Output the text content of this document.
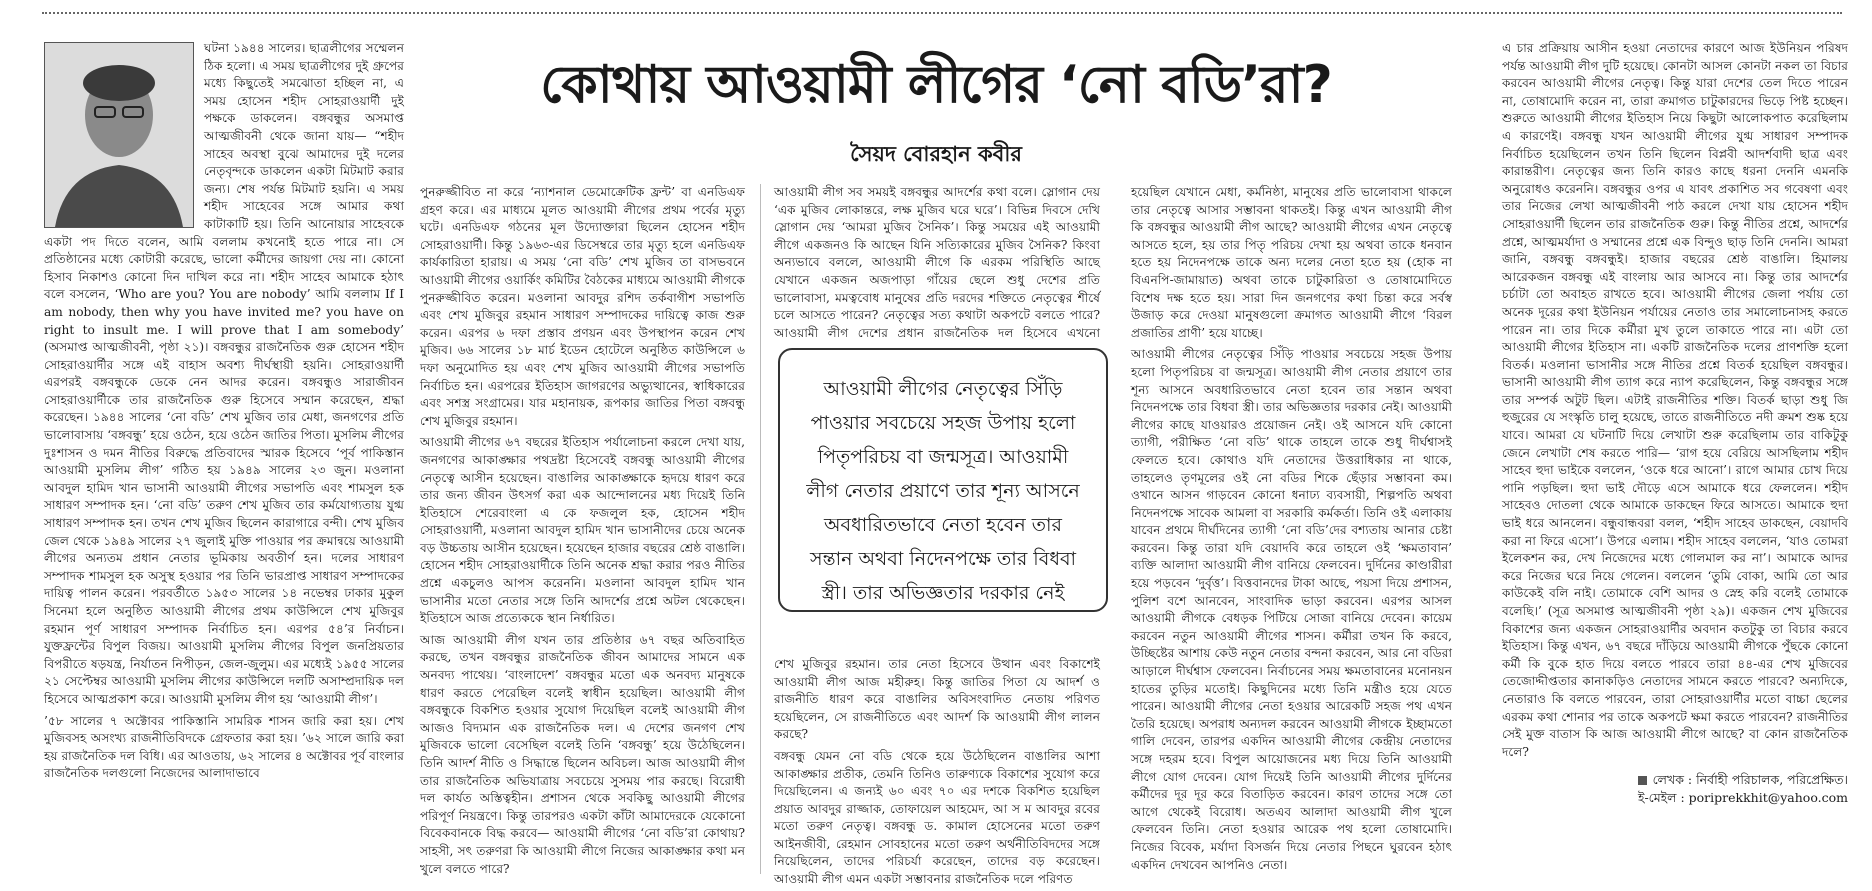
কোথায় আওয়ামী লীগের ‘নো বডি’রা?
সৈয়দ বোরহান কবীর

ঘটনা ১৯৪৪ সালের। ছাত্রলীগের সম্মেলন ঠিক হলো। এ সময় ছাত্রলীগের দুই গ্রুপের মধ্যে কিছুতেই সমঝোতা হচ্ছিল না, এ সময় হোসেন শহীদ সোহরাওয়ার্দী দুই পক্ষকে ডাকলেন। বঙ্গবন্ধুর অসমাপ্ত আত্মজীবনী থেকে জানা যায়— “শহীদ সাহেব অবস্থা বুঝে আমাদের দুই দলের নেতৃবৃন্দকে ডাকলেন একটা মিটমাট করার জন্য। শেষ পর্যন্ত মিটমাট হয়নি। এ সময় শহীদ সাহেবের সঙ্গে আমার কথা কাটাকাটি হয়। তিনি আনোয়ার সাহেবকে একটা পদ দিতে বলেন, আমি বললাম কখনোই হতে পারে না। সে প্রতিষ্ঠানের মধ্যে কোটারী করেছে, ভালো কর্মীদের জায়গা দেয় না। কোনো হিসাব নিকাশও কোনো দিন দাখিল করে না। শহীদ সাহেব আমাকে হঠাৎ বলে বসলেন, ‘Who are you? You are nobody’ আমি বললাম If I am nobody, then why you have invited me? you have on right to insult me. I will prove that I am somebody’ (অসমাপ্ত আত্মজীবনী, পৃষ্ঠা ২১)। বঙ্গবন্ধুর রাজনৈতিক গুরু হোসেন শহীদ সোহরাওয়ার্দীর সঙ্গে এই বাহাস অবশ্য দীর্ঘস্থায়ী হয়নি। সোহরাওয়ার্দী এরপরই বঙ্গবন্ধুকে ডেকে নেন আদর করেন। বঙ্গবন্ধুও সারাজীবন সোহরাওয়ার্দীকে তার রাজনৈতিক গুরু হিসেবে সম্মান করেছেন, শ্রদ্ধা করেছেন। ১৯৪৪ সালের ‘নো বডি’ শেখ মুজিব তার মেধা, জনগণের প্রতি ভালোবাসায় ‘বঙ্গবন্ধু’ হয়ে ওঠেন, হয়ে ওঠেন জাতির পিতা। মুসলিম লীগের দুঃশাসন ও দমন নীতির বিরুদ্ধে প্রতিবাদের স্মারক হিসেবে ‘পূর্ব পাকিস্তান আওয়ামী মুসলিম লীগ’ গঠিত হয় ১৯৪৯ সালের ২৩ জুন। মওলানা আবদুল হামিদ খান ভাসানী আওয়ামী লীগের সভাপতি এবং শামসুল হক সাধারণ সম্পাদক হন। ‘নো বডি’ তরুণ শেখ মুজিব তার কর্মযোগ্যতায় যুগ্ম সাধারণ সম্পাদক হন। তখন শেখ মুজিব ছিলেন কারাগারে বন্দী। শেখ মুজিব জেল থেকে ১৯৪৯ সালের ২৭ জুলাই মুক্তি পাওয়ার পর ক্রমান্বয়ে আওয়ামী লীগের অন্যতম প্রধান নেতার ভূমিকায় অবতীর্ণ হন। দলের সাধারণ সম্পাদক শামসুল হক অসুস্থ হওয়ার পর তিনি ভারপ্রাপ্ত সাধারণ সম্পাদকের দায়িত্ব পালন করেন। পরবর্তীতে ১৯৫৩ সালের ১৪ নভেম্বর ঢাকার মুকুল সিনেমা হলে অনুষ্ঠিত আওয়ামী লীগের প্রথম কাউন্সিলে শেখ মুজিবুর রহমান পূর্ণ সাধারণ সম্পাদক নির্বাচিত হন। এরপর ৫৪’র নির্বাচন। যুক্তফ্রন্টের বিপুল বিজয়। আওয়ামী মুসলিম লীগের বিপুল জনপ্রিয়তার বিপরীতে ষড়যন্ত্র, নির্যাতন নিপীড়ন, জেল-জুলুম। এর মধ্যেই ১৯৫৫ সালের ২১ সেপ্টেম্বর আওয়ামী মুসলিম লীগের কাউন্সিলে দলটি অসাম্প্রদায়িক দল হিসেবে আত্মপ্রকাশ করে। আওয়ামী মুসলিম লীগ হয় ‘আওয়ামী লীগ’।

’৫৮ সালের ৭ অক্টোবর পাকিস্তানি সামরিক শাসন জারি করা হয়। শেখ মুজিবসহ অসংখ্য রাজনীতিবিদকে গ্রেফতার করা হয়। ’৬২ সালে জারি করা হয় রাজনৈতিক দল বিধি। এর আওতায়, ৬২ সালের ৪ অক্টোবর পূর্ব বাংলার রাজনৈতিক দলগুলো নিজেদের আলাদাভাবে

পুনরুজ্জীবিত না করে ‘ন্যাশনাল ডেমোক্রেটিক ফ্রন্ট’ বা এনডিএফ গ্রহণ করে। এর মাধ্যমে মূলত আওয়ামী লীগের প্রথম পর্বের মৃত্যু ঘটে। এনডিএফ গঠনের মূল উদ্যোক্তারা ছিলেন হোসেন শহীদ সোহরাওয়ার্দী। কিন্তু ১৯৬৩-এর ডিসেম্বরে তার মৃত্যু হলে এনডিএফ কার্যকারিতা হারায়। এ সময় ‘নো বডি’ শেখ মুজিব তা বাসভবনে আওয়ামী লীগের ওয়ার্কিং কমিটির বৈঠকের মাধ্যমে আওয়ামী লীগকে পুনরুজ্জীবিত করেন। মওলানা আবদুর রশিদ তর্কবাগীশ সভাপতি এবং শেখ মুজিবুর রহমান সাধারণ সম্পাদকের দায়িত্বে কাজ শুরু করেন। এরপর ৬ দফা প্রস্তাব প্রণয়ন এবং উপস্থাপন করেন শেখ মুজিব। ৬৬ সালের ১৮ মার্চ ইডেন হোটেলে অনুষ্ঠিত কাউন্সিলে ৬ দফা অনুমোদিত হয় এবং শেখ মুজিব আওয়ামী লীগের সভাপতি নির্বাচিত হন। এরপরের ইতিহাস জাগরণের অভ্যুত্থানের, স্বাধিকারের এবং সশস্ত্র সংগ্রামের। যার মহানায়ক, রূপকার জাতির পিতা বঙ্গবন্ধু শেখ মুজিবুর রহমান।

আওয়ামী লীগের ৬৭ বছরের ইতিহাস পর্যালোচনা করলে দেখা যায়, জনগণের আকাঙ্ক্ষার পথদ্রষ্টা হিসেবেই বঙ্গবন্ধু আওয়ামী লীগের নেতৃত্বে আসীন হয়েছেন। বাঙালির আকাঙ্ক্ষাকে হৃদয়ে ধারণ করে তার জন্য জীবন উৎসর্গ করা এক আন্দোলনের মধ্য দিয়েই তিনি ইতিহাসে শেরেবাংলা এ কে ফজলুল হক, হোসেন শহীদ সোহরাওয়ার্দী, মওলানা আবদুল হামিদ খান ভাসানীদের চেয়ে অনেক বড় উচ্চতায় আসীন হয়েছেন। হয়েছেন হাজার বছরের শ্রেষ্ঠ বাঙালি। হোসেন শহীদ সোহরাওয়ার্দীকে তিনি অনেক শ্রদ্ধা করার পরও নীতির প্রশ্নে একচুলও আপস করেননি। মওলানা আবদুল হামিদ খান ভাসানীর মতো নেতার সঙ্গে তিনি আদর্শের প্রশ্নে অটল থেকেছেন। ইতিহাসে আজ প্রত্যেককে স্থান নির্ধারিত।

আজ আওয়ামী লীগ যখন তার প্রতিষ্ঠার ৬৭ বছর অতিবাহিত করছে, তখন বঙ্গবন্ধুর রাজনৈতিক জীবন আমাদের সামনে এক অনবদ্য পাথেয়। ‘বাংলাদেশ’ বঙ্গবন্ধুর মতো এক অনবদ্য মানুষকে ধারণ করতে পেরেছিল বলেই স্বাধীন হয়েছিল। আওয়ামী লীগ বঙ্গবন্ধুকে বিকশিত হওয়ার সুযোগ দিয়েছিল বলেই আওয়ামী লীগ আজও বিদ্যমান এক রাজনৈতিক দল। এ দেশের জনগণ শেখ মুজিবকে ভালো বেসেছিল বলেই তিনি ‘বঙ্গবন্ধু’ হয়ে উঠেছিলেন। তিনি আদর্শ নীতি ও সিদ্ধান্তে ছিলেন অবিচল। আজ আওয়ামী লীগ তার রাজনৈতিক অভিযাত্রায় সবচেয়ে সুসময় পার করছে। বিরোধী দল কার্যত অস্তিত্বহীন। প্রশাসন থেকে সবকিছু আওয়ামী লীগের পরিপূর্ণ নিয়ন্ত্রণে। কিন্তু তারপরও একটা কাঁটা আমাদেরকে যেকোনো বিবেকবানকে বিদ্ধ করবে— আওয়ামী লীগের ‘নো বডি’রা কোথায়? সাহসী, সৎ তরুণরা কি আওয়ামী লীগে নিজের আকাঙ্ক্ষার কথা মন খুলে বলতে পারে?

আওয়ামী লীগ সব সময়ই বঙ্গবন্ধুর আদর্শের কথা বলে। স্লোগান দেয় ‘এক মুজিব লোকান্তরে, লক্ষ মুজিব ঘরে ঘরে’। বিভিন্ন দিবসে দেখি স্লোগান দেয় ‘আমরা মুজিব সৈনিক’। কিন্তু সময়ের এই আওয়ামী লীগে একজনও কি আছেন যিনি সত্যিকারের মুজিব সৈনিক? কিংবা অন্যভাবে বললে, আওয়ামী লীগে কি এরকম পরিস্থিতি আছে যেখানে একজন অজপাড়া গাঁয়ের ছেলে শুধু দেশের প্রতি ভালোবাসা, মমত্ববোধ মানুষের প্রতি দরদের শক্তিতে নেতৃত্বের শীর্ষে চলে আসতে পারেন? নেতৃত্বের সত্য কথাটা অকপটে বলতে পারে? আওয়ামী লীগ দেশের প্রধান রাজনৈতিক দল হিসেবে এখনো

শেখ মুজিবুর রহমান। তার নেতা হিসেবে উত্থান এবং বিকাশেই আওয়ামী লীগ আজ মহীরুহ। কিন্তু জাতির পিতা যে আদর্শ ও রাজনীতি ধারণ করে বাঙালির অবিসংবাদিত নেতায় পরিণত হয়েছিলেন, সে রাজনীতিতে এবং আদর্শ কি আওয়ামী লীগ লালন করছে?

বঙ্গবন্ধু যেমন নো বডি থেকে হয়ে উঠেছিলেন বাঙালির আশা আকাঙ্ক্ষার প্রতীক, তেমনি তিনিও তারুণ্যকে বিকাশের সুযোগ করে দিয়েছিলেন। এ জন্যই ৬০ এবং ৭০ এর দশকে বিকশিত হয়েছিল প্রয়াত আবদুর রাজ্জাক, তোফায়েল আহমেদ, আ স ম আবদুর রবের মতো তরুণ নেতৃত্ব। বঙ্গবন্ধু ড. কামাল হোসেনের মতো তরুণ আইনজীবী, রেহমান সোবহানের মতো তরুণ অর্থনীতিবিদদের সঙ্গে নিয়েছিলেন, তাদের পরিচর্যা করেছেন, তাদের বড় করেছেন। আওয়ামী লীগ এমন একটা সম্ভাবনার রাজনৈতিক দলে পরিণত

হয়েছিল যেখানে মেধা, কর্মনিষ্ঠা, মানুষের প্রতি ভালোবাসা থাকলে তার নেতৃত্বে আসার সম্ভাবনা থাকতই। কিন্তু এখন আওয়ামী লীগ কি বঙ্গবন্ধুর আওয়ামী লীগ আছে? আওয়ামী লীগের এখন নেতৃত্বে আসতে হলে, হয় তার পিতৃ পরিচয় দেখা হয় অথবা তাকে ধনবান হতে হয় নিদেনপক্ষে তাকে অন্য দলের নেতা হতে হয় (হোক না বিএনপি-জামায়াত) অথবা তাকে চাটুকারিতা ও তোষামোদিতে বিশেষ দক্ষ হতে হয়। সারা দিন জনগণের কথা চিন্তা করে সর্বস্ব উজাড় করে দেওয়া মানুষগুলো ক্রমাগত আওয়ামী লীগে ‘বিরল প্রজাতির প্রাণী’ হয়ে যাচ্ছে।

আওয়ামী লীগের নেতৃত্বের সিঁড়ি পাওয়ার সবচেয়ে সহজ উপায় হলো পিতৃপরিচয় বা জন্মসূত্র। আওয়ামী লীগ নেতার প্রয়াণে তার শূন্য আসনে অবধারিতভাবে নেতা হবেন তার সন্তান অথবা নিদেনপক্ষে তার বিধবা স্ত্রী। তার অভিজ্ঞতার দরকার নেই। আওয়ামী লীগের কাছে যাওয়ারও প্রয়োজন নেই। ওই আসনে যদি কোনো ত্যাগী, পরীক্ষিত ‘নো বডি’ থাকে তাহলে তাকে শুধু দীর্ঘশ্বাসই ফেলতে হবে। কোথাও যদি নেতাদের উত্তরাধিকার না থাকে, তাহলেও তৃণমূলের ওই নো বডির শিকে ছেঁড়ার সম্ভাবনা কম। ওখানে আসন গাড়বেন কোনো ধনাঢ্য ব্যবসায়ী, শিল্পপতি অথবা নিদেনপক্ষে সাবেক আমলা বা সরকারি কর্মকর্তা। তিনি ওই এলাকায় যাবেন প্রথমে দীর্ঘদিনের ত্যাগী ‘নো বডি’দের বশ্যতায় আনার চেষ্টা করবেন। কিন্তু তারা যদি বেয়াদবি করে তাহলে ওই ‘ক্ষমতাবান’ ব্যক্তি আলাদা আওয়ামী লীগ বানিয়ে ফেলবেন। দুর্দিনের কাণ্ডারীরা হয়ে পড়বেন ‘দুর্বৃত্ত’। বিত্তবানদের টাকা আছে, পয়সা দিয়ে প্রশাসন, পুলিশ বশে আনবেন, সাংবাদিক ভাড়া করবেন। এরপর আসল আওয়ামী লীগকে বেধড়ক পিটিয়ে সোজা বানিয়ে দেবেন। কায়েম করবেন নতুন আওয়ামী লীগের শাসন। কর্মীরা তখন কি করবে, উচ্ছিষ্টের আশায় কেউ নতুন নেতার বন্দনা করবেন, আর নো বডিরা আড়ালে দীর্ঘশ্বাস ফেলবেন। নির্বাচনের সময় ক্ষমতাবানের মনোনয়ন হাতের তুড়ির মতোই। কিছুদিনের মধ্যে তিনি মন্ত্রীও হয়ে যেতে পারেন। আওয়ামী লীগের নেতা হওয়ার আরেকটি সহজ পথ এখন তৈরি হয়েছে। অপরাধ অন্যদল করবেন আওয়ামী লীগকে ইচ্ছামতো গালি দেবেন, তারপর একদিন আওয়ামী লীগের কেন্দ্রীয় নেতাদের সঙ্গে দহরম হবে। বিপুল আয়োজনের মধ্য দিয়ে তিনি আওয়ামী লীগে যোগ দেবেন। যোগ দিয়েই তিনি আওয়ামী লীগের দুর্দিনের কর্মীদের দূর দূর করে বিতাড়িত করবেন। কারণ তাদের সঙ্গে তো আগে থেকেই বিরোধ। অতএব আলাদা আওয়ামী লীগ খুলে ফেলবেন তিনি। নেতা হওয়ার আরেক পথ হলো তোষামোদি। নিজের বিবেক, মর্যাদা বিসর্জন দিয়ে নেতার পিছনে ঘুরবেন হঠাৎ একদিন দেখবেন আপনিও নেতা।

এ চার প্রক্রিয়ায় আসীন হওয়া নেতাদের কারণে আজ ইউনিয়ন পরিষদ পর্যন্ত আওয়ামী লীগ দুটি হয়েছে। কোনটা আসল কোনটা নকল তা বিচার করবেন আওয়ামী লীগের নেতৃত্ব। কিন্তু যারা দেশের তেল দিতে পারেন না, তোষামোদি করেন না, তারা ক্রমাগত চাটুকারদের ভিড়ে পিষ্ট হচ্ছেন। শুরুতে আওয়ামী লীগের ইতিহাস নিয়ে কিছুটা আলোকপাত করেছিলাম এ কারণেই। বঙ্গবন্ধু যখন আওয়ামী লীগের যুগ্ম সাধারণ সম্পাদক নির্বাচিত হয়েছিলেন তখন তিনি ছিলেন বিপ্লবী আদর্শবাদী ছাত্র এবং কারান্তরীণ। নেতৃত্বের জন্য তিনি কারও কাছে ধরনা দেননি এমনকি অনুরোধও করেননি। বঙ্গবন্ধুর ওপর এ যাবৎ প্রকাশিত সব গবেষণা এবং তার নিজের লেখা আত্মজীবনী পাঠ করলে দেখা যায় হোসেন শহীদ সোহরাওয়ার্দী ছিলেন তার রাজনৈতিক গুরু। কিন্তু নীতির প্রশ্নে, আদর্শের প্রশ্নে, আত্মমর্যাদা ও সম্মানের প্রশ্নে এক বিন্দুও ছাড় তিনি দেননি। আমরা জানি, বঙ্গবন্ধু বঙ্গবন্ধুই। হাজার বছরের শ্রেষ্ঠ বাঙালি। হিমালয় আরেকজন বঙ্গবন্ধু এই বাংলায় আর আসবে না। কিন্তু তার আদর্শের চর্চাটা তো অবাহত রাখতে হবে। আওয়ামী লীগের জেলা পর্যায় তো অনেক দূরের কথা ইউনিয়ন পর্যায়ের নেতাও তার সমালোচনাসহ করতে পারেন না। তার দিকে কর্মীরা মুখ তুলে তাকাতে পারে না। এটা তো আওয়ামী লীগের ইতিহাস না। একটি রাজনৈতিক দলের প্রাণশক্তি হলো বিতর্ক। মওলানা ভাসানীর সঙ্গে নীতির প্রশ্নে বিতর্ক হয়েছিল বঙ্গবন্ধুর। ভাসানী আওয়ামী লীগ ত্যাগ করে ন্যাপ করেছিলেন, কিন্তু বঙ্গবন্ধুর সঙ্গে তার সম্পর্ক অটুট ছিল। এটাই রাজনীতির শক্তি। বিতর্ক ছাড়া শুধু জি হুজুরের যে সংস্কৃতি চালু হয়েছে, তাতে রাজনীতিতে নদী ক্রমশ শুষ্ক হয়ে যাবে। আমরা যে ঘটনাটি দিয়ে লেখাটা শুরু করেছিলাম তার বাকিটুকু জেনে লেখাটা শেষ করতে পারি— ‘রাগ হয়ে বেরিয়ে আসছিলাম শহীদ সাহেব হুদা ভাইকে বললেন, ‘ওকে ধরে আনো’। রাগে আমার চোখ দিয়ে পানি পড়ছিল। হুদা ভাই দৌড়ে এসে আমাকে ধরে ফেললেন। শহীদ সাহেবও দোতলা থেকে আমাকে ডাকছেন ফিরে আসতে। আমাকে হুদা ভাই ধরে আনলেন। বন্ধুবান্ধবরা বলল, ‘শহীদ সাহেব ডাকছেন, বেয়াদবি করা না ফিরে এসো’। উপরে এলাম। শহীদ সাহেব বললেন, ‘যাও তোমরা ইলেকশন কর, দেখ নিজেদের মধ্যে গোলমাল কর না’। আমাকে আদর করে নিজের ঘরে নিয়ে গেলেন। বললেন ‘তুমি বোকা, আমি তো আর কাউকেই বলি নাই। তোমাকে বেশি আদর ও স্নেহ করি বলেই তোমাকে বলেছি।’ (সূত্র অসমাপ্ত আত্মজীবনী পৃষ্ঠা ২৯)। একজন শেখ মুজিবের বিকাশের জন্য একজন সোহরাওয়ার্দীর অবদান কতটুকু তা বিচার করবে ইতিহাস। কিন্তু এখন, ৬৭ বছরে দাঁড়িয়ে আওয়ামী লীগকে পুঁছকে কোনো কর্মী কি বুকে হাত দিয়ে বলতে পারবে তারা ৪৪-এর শেখ মুজিবের তেজোদ্দীপ্ততার কানাকড়িও নেতাদের সামনে করতে পারবে? অন্যদিকে, নেতারাও কি বলতে পারবেন, তারা সোহরাওয়ার্দীর মতো বাচ্চা ছেলের এরকম কথা শোনার পর তাকে অকপটে ক্ষমা করতে পারবেন? রাজনীতির সেই মুক্ত বাতাস কি আজ আওয়ামী লীগে আছে? বা কোন রাজনৈতিক দলে?

লেখক : নির্বাহী পরিচালক, পরিপ্রেক্ষিত।
ই-মেইল : poriprekkhit@yahoo.com
আওয়ামী লীগের নেতৃত্বের সিঁড়ি পাওয়ার সবচেয়ে সহজ উপায় হলো পিতৃপরিচয় বা জন্মসূত্র। আওয়ামী লীগ নেতার প্রয়াণে তার শূন্য আসনে অবধারিতভাবে নেতা হবেন তার সন্তান অথবা নিদেনপক্ষে তার বিধবা স্ত্রী। তার অভিজ্ঞতার দরকার নেই
